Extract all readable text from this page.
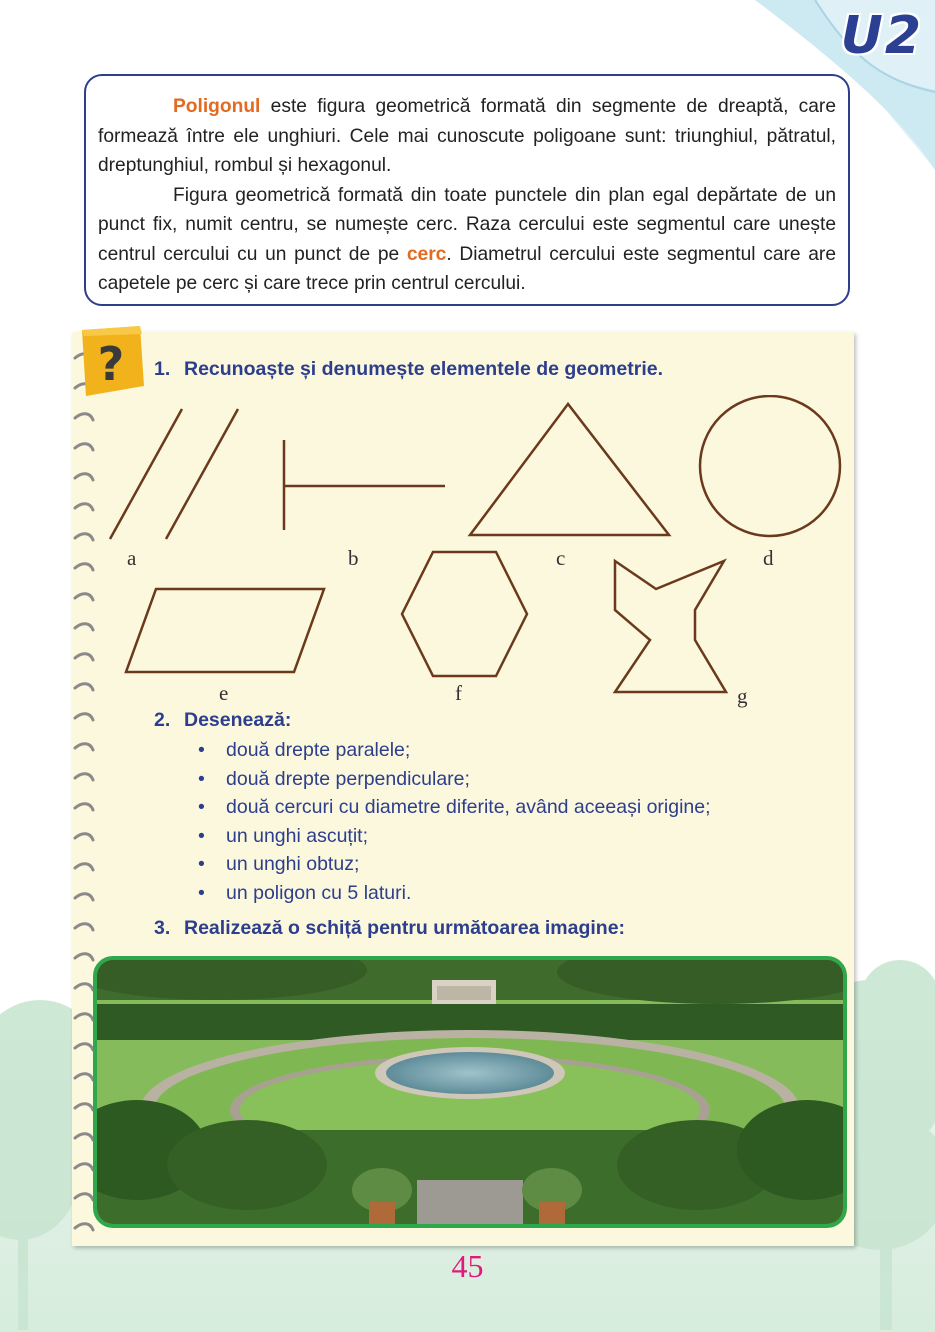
U2

Poligonul este figura geometrică formată din segmente de dreaptă, care formează între ele unghiuri. Cele mai cunoscute poligoane sunt: triunghiul, pătratul, dreptunghiul, rombul și hexagonul.

Figura geometrică formată din toate punctele din plan egal depărtate de un punct fix, numit centru, se numește cerc. Raza cercului este segmentul care unește centrul cercului cu un punct de pe cerc. Diametrul cercului este segmentul care are capetele pe cerc și care trece prin centrul cercului.

? 1. Recunoaște și denumește elementele de geometrie.
a	b	c	d
e	f	g
2. Desenează:
• două drepte paralele;
• două drepte perpendiculare;
• două cercuri cu diametre diferite, având aceeași origine;
• un unghi ascuțit;
• un unghi obtuz;
• un poligon cu 5 laturi.
3. Realizează o schiță pentru următoarea imagine:
45
